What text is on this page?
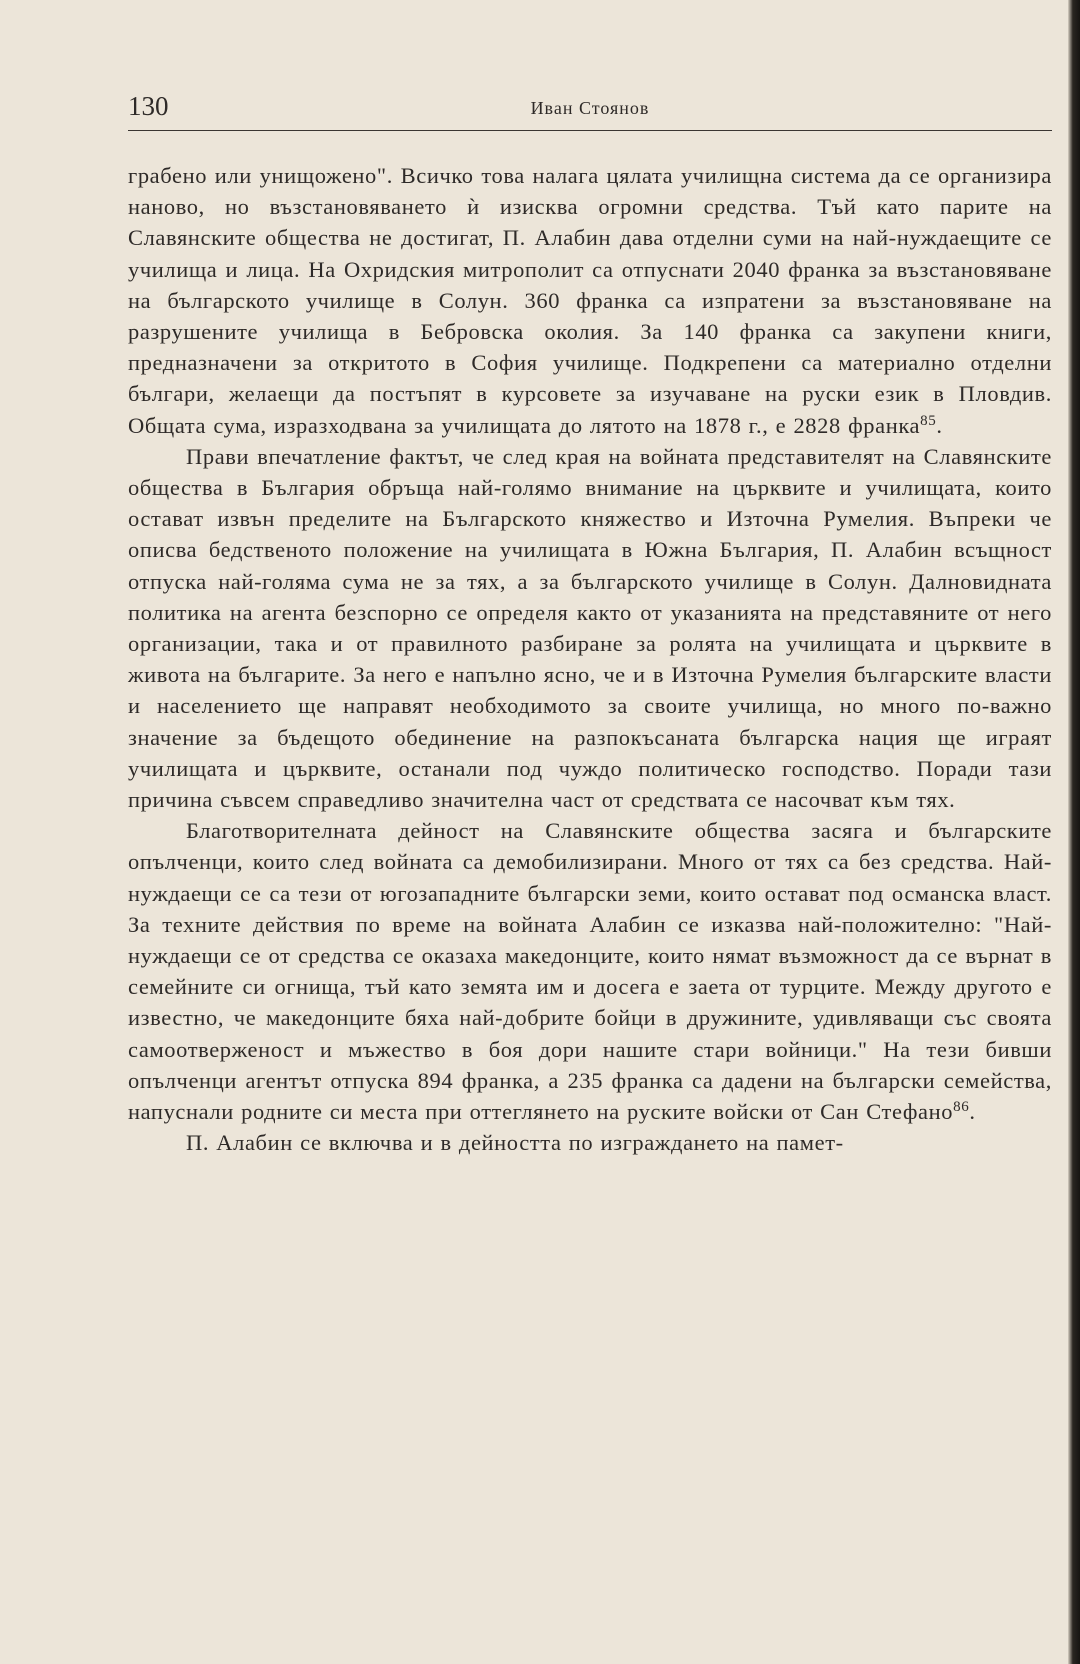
130	Иван Стоянов

грабено или унищожено". Всичко това налага цялата училищна система да се организира наново, но възстановяването ѝ изисква огромни средства. Тъй като парите на Славянските общества не достигат, П. Алабин дава отделни суми на най-нуждаещите се училища и лица. На Охридския митрополит са отпуснати 2040 франка за възстановяване на българското училище в Солун. 360 франка са изпратени за възстановяване на разрушените училища в Бебровска околия. За 140 франка са закупени книги, предназначени за откритото в София училище. Подкрепени са материално отделни българи, желаещи да постъпят в курсовете за изучаване на руски език в Пловдив. Общата сума, изразходвана за училищата до лятото на 1878 г., е 2828 франка$^{85}$.

Прави впечатление фактът, че след края на войната представителят на Славянските общества в България обръща най-голямо внимание на църквите и училищата, които остават извън пределите на Българското княжество и Източна Румелия. Въпреки че описва бедственото положение на училищата в Южна България, П. Алабин всъщност отпуска най-голяма сума не за тях, а за българското училище в Солун. Далновидната политика на агента безспорно се определя както от указанията на представяните от него организации, така и от правилното разбиране за ролята на училищата и църквите в живота на българите. За него е напълно ясно, че и в Източна Румелия българските власти и населението ще направят необходимото за своите училища, но много по-важно значение за бъдещото обединение на разпокъсаната българска нация ще играят училищата и църквите, останали под чуждо политическо господство. Поради тази причина съвсем справедливо значителна част от средствата се насочват към тях.

Благотворителната дейност на Славянските общества засяга и българските опълченци, които след войната са демобилизирани. Много от тях са без средства. Най-нуждаещи се са тези от югозападните български земи, които остават под османска власт. За техните действия по време на войната Алабин се изказва най-положително: "Най-нуждаещи се от средства се оказаха македонците, които нямат възможност да се върнат в семейните си огнища, тъй като земята им и досега е заета от турците. Между другото е известно, че македонците бяха най-добрите бойци в дружините, удивляващи със своята самоотверженост и мъжество в боя дори нашите стари войници." На тези бивши опълченци агентът отпуска 894 франка, а 235 франка са дадени на български семейства, напуснали родните си места при оттеглянето на руските войски от Сан Стефано$^{86}$.

П. Алабин се включва и в дейността по изграждането на памет-
